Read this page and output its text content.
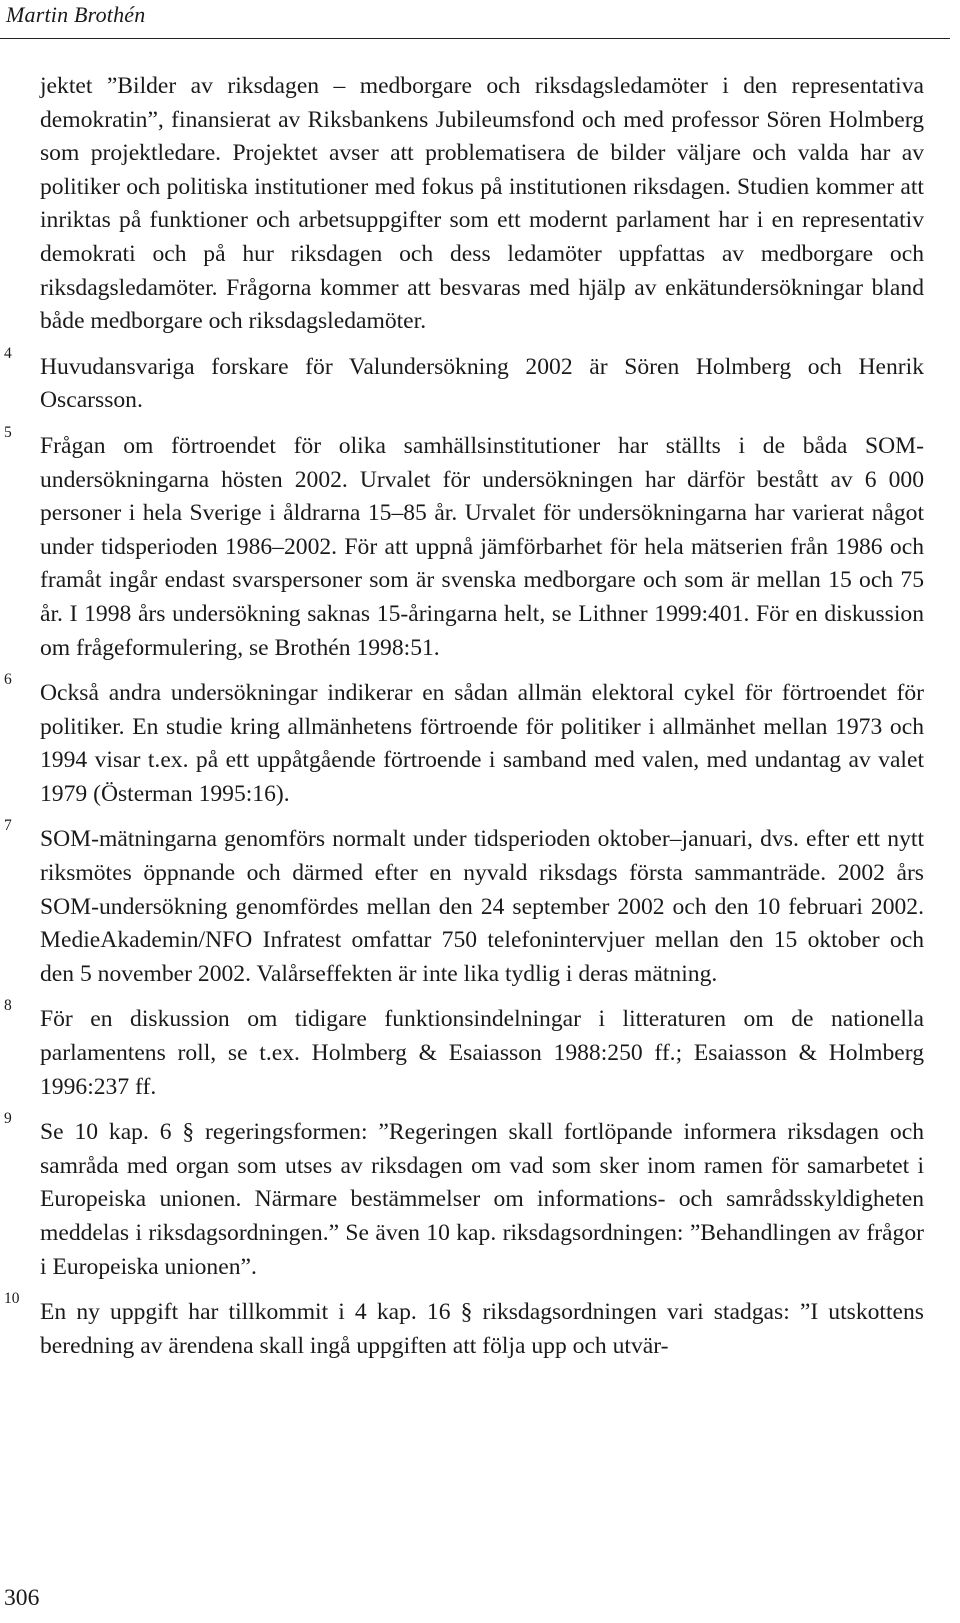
Martin Brothén
jektet ”Bilder av riksdagen – medborgare och riksdagsledamöter i den representativa demokratin”, finansierat av Riksbankens Jubileumsfond och med professor Sören Holmberg som projektledare. Projektet avser att problematisera de bilder väljare och valda har av politiker och politiska institutioner med fokus på institutionen riksdagen. Studien kommer att inriktas på funktioner och arbetsuppgifter som ett modernt parlament har i en representativ demokrati och på hur riksdagen och dess ledamöter uppfattas av medborgare och riksdagsledamöter. Frågorna kommer att besvaras med hjälp av enkätundersökningar bland både medborgare och riksdagsledamöter.
4
Huvudansvariga forskare för Valundersökning 2002 är Sören Holmberg och Henrik Oscarsson.
5
Frågan om förtroendet för olika samhällsinstitutioner har ställts i de båda SOM-undersökningarna hösten 2002. Urvalet för undersökningen har därför bestått av 6 000 personer i hela Sverige i åldrarna 15–85 år. Urvalet för undersökningarna har varierat något under tidsperioden 1986–2002. För att uppnå jämförbarhet för hela mätserien från 1986 och framåt ingår endast svarspersoner som är svenska medborgare och som är mellan 15 och 75 år. I 1998 års undersökning saknas 15-åringarna helt, se Lithner 1999:401. För en diskussion om frågeformulering, se Brothén 1998:51.
6
Också andra undersökningar indikerar en sådan allmän elektoral cykel för förtroendet för politiker. En studie kring allmänhetens förtroende för politiker i allmänhet mellan 1973 och 1994 visar t.ex. på ett uppåtgående förtroende i samband med valen, med undantag av valet 1979 (Österman 1995:16).
7
SOM-mätningarna genomförs normalt under tidsperioden oktober–januari, dvs. efter ett nytt riksmötes öppnande och därmed efter en nyvald riksdags första sammanträde. 2002 års SOM-undersökning genomfördes mellan den 24 september 2002 och den 10 februari 2002. MedieAkademin/NFO Infratest omfattar 750 telefonintervjuer mellan den 15 oktober och den 5 november 2002. Valårseffekten är inte lika tydlig i deras mätning.
8
För en diskussion om tidigare funktionsindelningar i litteraturen om de nationella parlamentens roll, se t.ex. Holmberg & Esaiasson 1988:250 ff.; Esaiasson & Holmberg 1996:237 ff.
9
Se 10 kap. 6 § regeringsformen: ”Regeringen skall fortlöpande informera riksdagen och samråda med organ som utses av riksdagen om vad som sker inom ramen för samarbetet i Europeiska unionen. Närmare bestämmelser om informations- och samrådsskyldigheten meddelas i riksdagsordningen.” Se även 10 kap. riksdagsordningen: ”Behandlingen av frågor i Europeiska unionen”.
10
En ny uppgift har tillkommit i 4 kap. 16 § riksdagsordningen vari stadgas: ”I utskottens beredning av ärendena skall ingå uppgiften att följa upp och utvär-
306
